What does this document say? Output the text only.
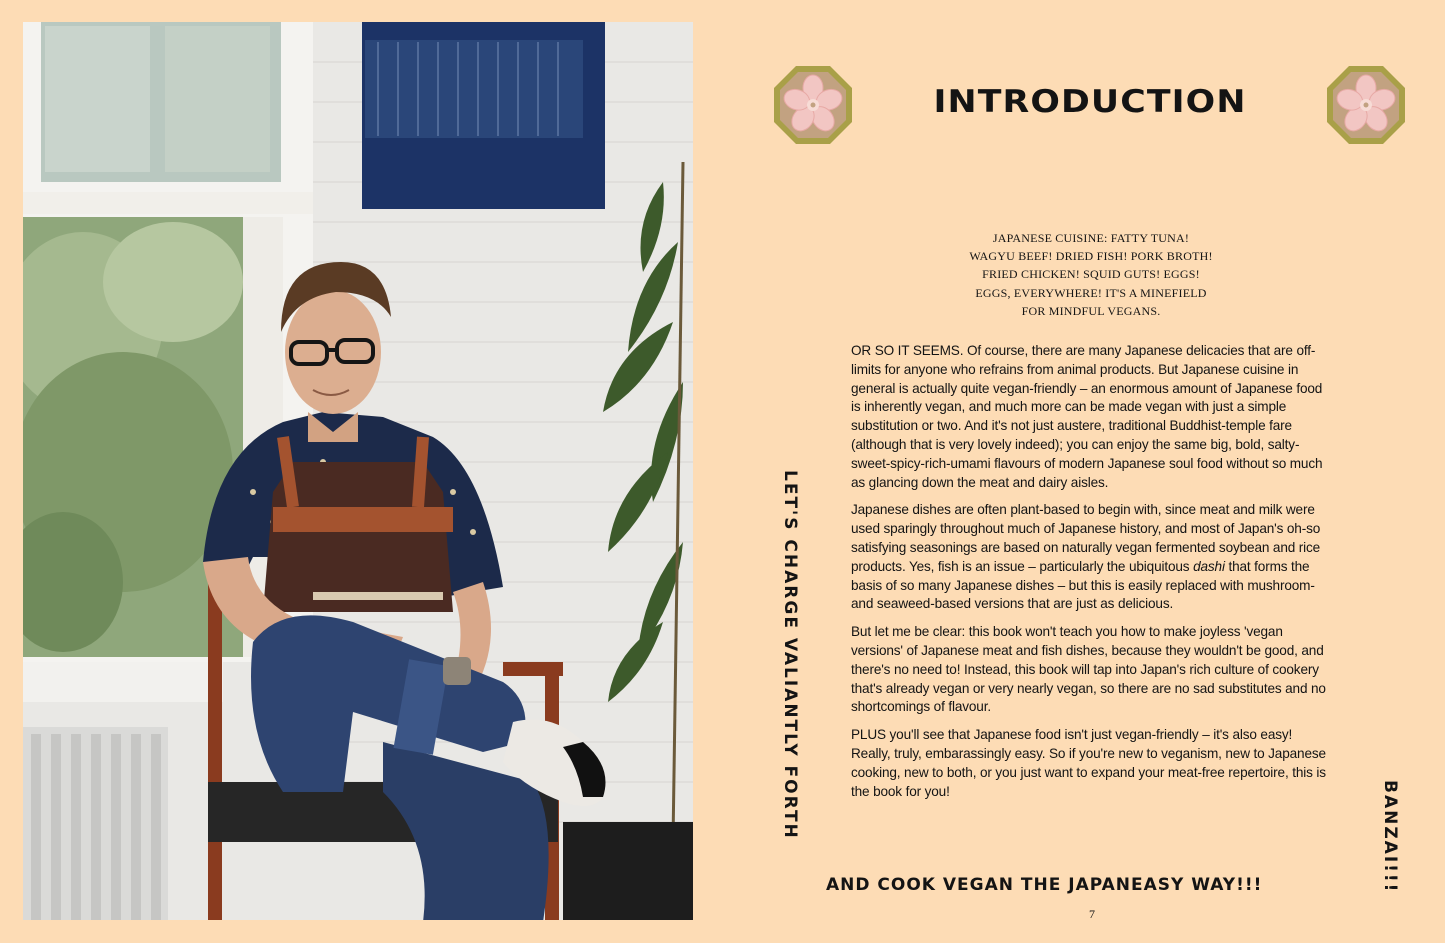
INTRODUCTION
JAPANESE CUISINE: FATTY TUNA!
WAGYU BEEF! DRIED FISH! PORK BROTH!
FRIED CHICKEN! SQUID GUTS! EGGS!
EGGS, EVERYWHERE! IT'S A MINEFIELD
FOR MINDFUL VEGANS.

OR SO IT SEEMS. Of course, there are many Japanese delicacies that are off-limits for anyone who refrains from animal products. But Japanese cuisine in general is actually quite vegan-friendly – an enormous amount of Japanese food is inherently vegan, and much more can be made vegan with just a simple substitution or two. And it's not just austere, traditional Buddhist-temple fare (although that is very lovely indeed); you can enjoy the same big, bold, salty-sweet-spicy-rich-umami flavours of modern Japanese soul food without so much as glancing down the meat and dairy aisles.

Japanese dishes are often plant-based to begin with, since meat and milk were used sparingly throughout much of Japanese history, and most of Japan's oh-so satisfying seasonings are based on naturally vegan fermented soybean and rice products. Yes, fish is an issue – particularly the ubiquitous dashi that forms the basis of so many Japanese dishes – but this is easily replaced with mushroom- and seaweed-based versions that are just as delicious.

But let me be clear: this book won't teach you how to make joyless 'vegan versions' of Japanese meat and fish dishes, because they wouldn't be good, and there's no need to! Instead, this book will tap into Japan's rich culture of cookery that's already vegan or very nearly vegan, so there are no sad substitutes and no shortcomings of flavour.

PLUS you'll see that Japanese food isn't just vegan-friendly – it's also easy! Really, truly, embarassingly easy. So if you're new to veganism, new to Japanese cooking, new to both, or you just want to expand your meat-free repertoire, this is the book for you!

LET'S CHARGE VALIANTLY FORTH	BANZAI!!!
AND COOK VEGAN THE JAPANEASY WAY!!!
7
